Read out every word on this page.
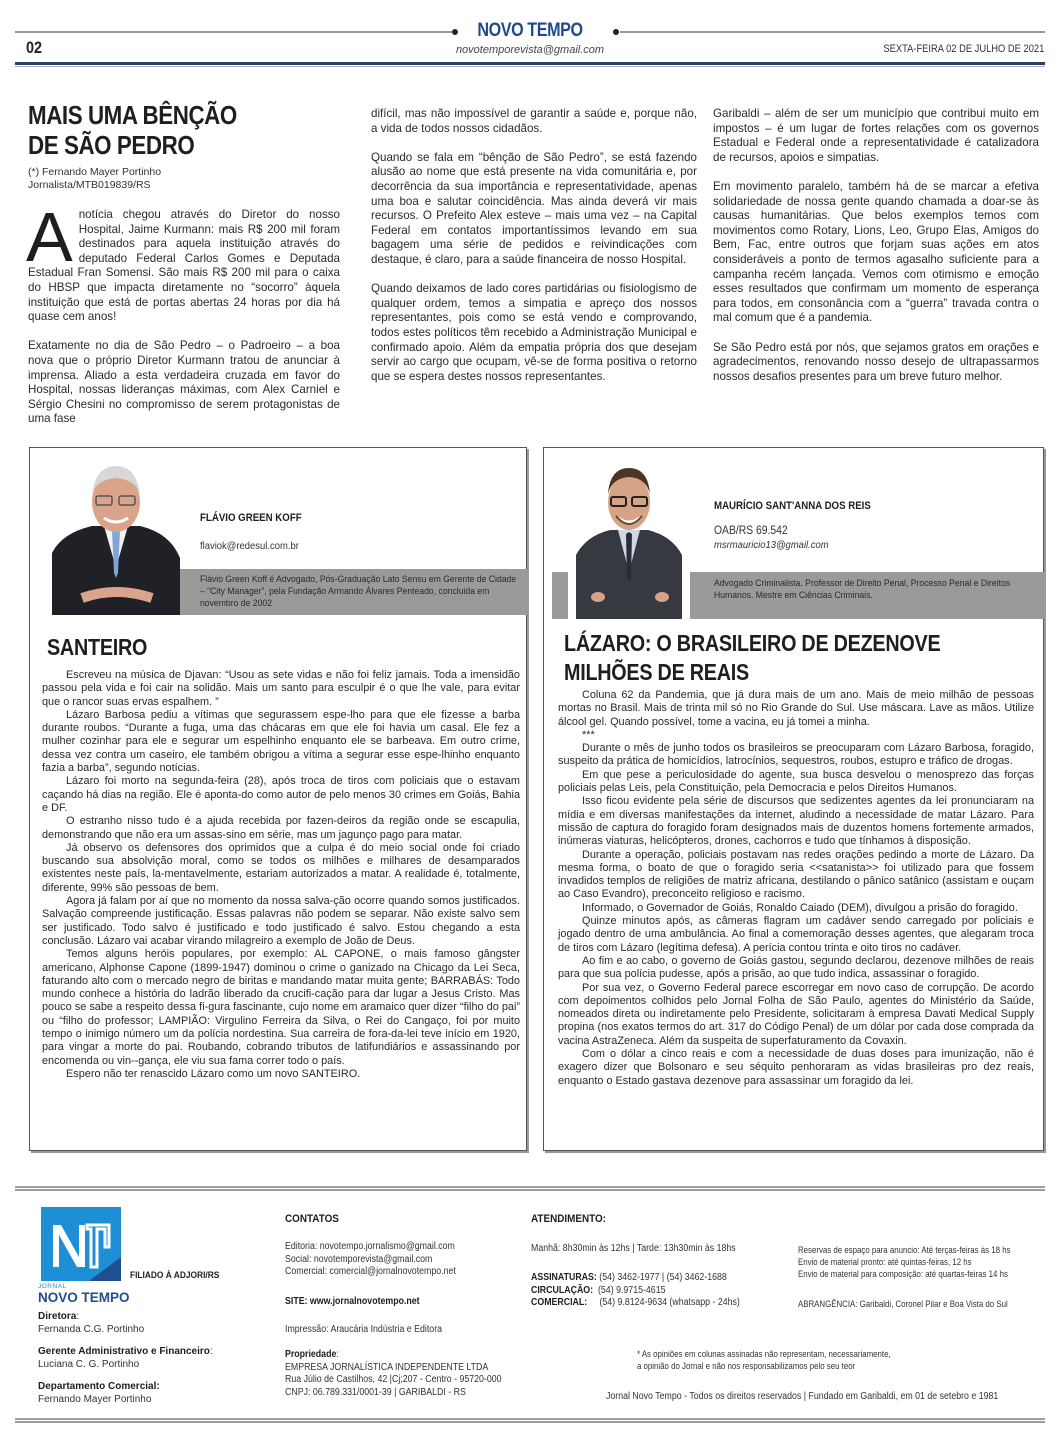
NOVO TEMPO
02	novotemporevista@gmail.com	SEXTA-FEIRA 02 DE JULHO DE 2021
MAIS UMA BÊNÇÃO
DE SÃO PEDRO
(*) Fernando Mayer Portinho
Jornalista/MTB019839/RS

A notícia chegou através do Diretor do nosso Hospital, Jaime Kurmann: mais R$ 200 mil foram destinados para aquela instituição através do deputado Federal Carlos Gomes e Deputada Estadual Fran Somensi. São mais R$ 200 mil para o caixa do HBSP que impacta diretamente no “socorro” àquela instituição que está de portas abertas 24 horas por dia há quase cem anos!

Exatamente no dia de São Pedro – o Padroeiro – a boa nova que o próprio Diretor Kurmann tratou de anunciar à imprensa. Aliado a esta verdadeira cruzada em favor do Hospital, nossas lideranças máximas, com Alex Carniel e Sérgio Chesini no compromisso de serem protagonistas de uma fase

difícil, mas não impossível de garantir a saúde e, porque não, a vida de todos nossos cidadãos.

Quando se fala em “bênção de São Pedro”, se está fazendo alusão ao nome que está presente na vida comunitária e, por decorrência da sua importância e representatividade, apenas uma boa e salutar coincidência. Mas ainda deverá vir mais recursos. O Prefeito Alex esteve – mais uma vez – na Capital Federal em contatos importantíssimos levando em sua bagagem uma série de pedidos e reivindicações com destaque, é claro, para a saúde financeira de nosso Hospital.

Quando deixamos de lado cores partidárias ou fisiologismo de qualquer ordem, temos a simpatia e apreço dos nossos representantes, pois como se está vendo e comprovando, todos estes políticos têm recebido a Administração Municipal e confirmado apoio. Além da empatia própria dos que desejam servir ao cargo que ocupam, vê-se de forma positiva o retorno que se espera destes nossos representantes.

Garibaldi – além de ser um município que contribui muito em impostos – é um lugar de fortes relações com os governos Estadual e Federal onde a representatividade é catalizadora de recursos, apoios e simpatias.

Em movimento paralelo, também há de se marcar a efetiva solidariedade de nossa gente quando chamada a doar-se às causas humanitárias. Que belos exemplos temos com movimentos como Rotary, Lions, Leo, Grupo Elas, Amigos do Bem, Fac, entre outros que forjam suas ações em atos consideráveis a ponto de termos agasalho suficiente para a campanha recém lançada. Vemos com otimismo e emoção esses resultados que confirmam um momento de esperança para todos, em consonância com a “guerra” travada contra o mal comum que é a pandemia.

Se São Pedro está por nós, que sejamos gratos em orações e agradecimentos, renovando nosso desejo de ultrapassarmos nossos desafios presentes para um breve futuro melhor.

FLÁVIO GREEN KOFF
flaviok@redesul.com.br
Flávio Green Koff é Advogado, Pós-Graduação Lato Sensu em Gerente de Cidade – “City Manager”, pela Fundação Armando Álvares Penteado, concluida em novembro de 2002
SANTEIRO

Escreveu na música de Djavan: “Usou as sete vidas e não foi feliz jamais. Toda a imensidão passou pela vida e foi cair na solidão. Mais um santo para esculpir é o que lhe vale, para evitar que o rancor suas ervas espalhem. ”

Lázaro Barbosa pediu a vítimas que segurassem espe-lho para que ele fizesse a barba durante roubos. “Durante a fuga, uma das chácaras em que ele foi havia um casal. Ele fez a mulher cozinhar para ele e segurar um espelhinho enquanto ele se barbeava. Em outro crime, dessa vez contra um caseiro, ele também obrigou a vítima a segurar esse espe-lhinho enquanto fazia a barba”, segundo notícias.

Lázaro foi morto na segunda-feira (28), após troca de tiros com policiais que o estavam caçando há dias na região. Ele é aponta-do como autor de pelo menos 30 crimes em Goiás, Bahia e DF.

O estranho nisso tudo é a ajuda recebida por fazen-deiros da região onde se escapulia, demonstrando que não era um assas-sino em série, mas um jagunço pago para matar.

Já observo os defensores dos oprimidos que a culpa é do meio social onde foi criado buscando sua absolvição moral, como se todos os milhões e milhares de desamparados existentes neste país, la-mentavelmente, estariam autorizados a matar. A realidade é, totalmente, diferente, 99% são pessoas de bem.

Agora já falam por aí que no momento da nossa salva-ção ocorre quando somos justificados. Salvação compreende justificação. Essas palavras não podem se separar. Não existe salvo sem ser justificado. Todo salvo é justificado e todo justificado é salvo. Estou chegando a esta conclusão. Lázaro vai acabar virando milagreiro a exemplo de João de Deus.

Temos alguns heróis populares, por exemplo: AL CAPONE, o mais famoso gângster americano, Alphonse Capone (1899-1947) dominou o crime o ganizado na Chicago da Lei Seca, faturando alto com o mercado negro de biritas e mandando matar muita gente; BARRABÁS: Todo mundo conhece a história do ladrão liberado da crucifi-cação para dar lugar a Jesus Cristo. Mas pouco se sabe a respeito dessa fi-gura fascinante, cujo nome em aramaico quer dizer “filho do pai” ou “filho do professor; LAMPIÃO: Virgulino Ferreira da Silva, o Rei do Cangaço, foi por muito tempo o inimigo número um da polícia nordestina. Sua carreira de fora-da-lei teve início em 1920, para vingar a morte do pai. Roubando, cobrando tributos de latifundiários e assassinando por encomenda ou vin--gança, ele viu sua fama correr todo o país.

Espero não ter renascido Lázaro como um novo SANTEIRO.

MAURÍCIO SANT'ANNA DOS REIS
OAB/RS 69.542
msrmauricio13@gmail.com
Advogado Criminalista. Professor de Direito Penal, Processo Penal e Direitos Humanos. Mestre em Ciências Criminais.
LÁZARO: O BRASILEIRO DE DEZENOVE
MILHÕES DE REAIS

Coluna 62 da Pandemia, que já dura mais de um ano. Mais de meio milhão de pessoas mortas no Brasil. Mais de trinta mil só no Rio Grande do Sul. Use máscara. Lave as mãos. Utilize álcool gel. Quando possível, tome a vacina, eu já tomei a minha.

***

Durante o mês de junho todos os brasileiros se preocuparam com Lázaro Barbosa, foragido, suspeito da prática de homicídios, latrocínios, sequestros, roubos, estupro e tráfico de drogas.

Em que pese a periculosidade do agente, sua busca desvelou o menosprezo das forças policiais pelas Leis, pela Constituição, pela Democracia e pelos Direitos Humanos.

Isso ficou evidente pela série de discursos que sedizentes agentes da lei pronunciaram na mídia e em diversas manifestações da internet, aludindo a necessidade de matar Lázaro. Para missão de captura do foragido foram designados mais de duzentos homens fortemente armados, inúmeras viaturas, helicópteros, drones, cachorros e tudo que tínhamos à disposição.

Durante a operação, policiais postavam nas redes orações pedindo a morte de Lázaro. Da mesma forma, o boato de que o foragido seria <<satanista>> foi utilizado para que fossem invadidos templos de religiões de matriz africana, destilando o pânico satânico (assistam e ouçam ao Caso Evandro), preconceito religioso e racismo.

Informado, o Governador de Goiás, Ronaldo Caiado (DEM), divulgou a prisão do foragido.

Quinze minutos após, as câmeras flagram um cadáver sendo carregado por policiais e jogado dentro de uma ambulância. Ao final a comemoração desses agentes, que alegaram troca de tiros com Lázaro (legítima defesa). A perícia contou trinta e oito tiros no cadáver.

Ao fim e ao cabo, o governo de Goiás gastou, segundo declarou, dezenove milhões de reais para que sua polícia pudesse, após a prisão, ao que tudo indica, assassinar o foragido.

Por sua vez, o Governo Federal parece escorregar em novo caso de corrupção. De acordo com depoimentos colhidos pelo Jornal Folha de São Paulo, agentes do Ministério da Saúde, nomeados direta ou indiretamente pelo Presidente, solicitaram à empresa Davati Medical Supply propina (nos exatos termos do art. 317 do Código Penal) de um dólar por cada dose comprada da vacina AstraZeneca. Além da suspeita de superfaturamento da Covaxin.

Com o dólar a cinco reais e com a necessidade de duas doses para imunização, não é exagero dizer que Bolsonaro e seu séquito penhoraram as vidas brasileiras pro dez reais, enquanto o Estado gastava dezenove para assassinar um foragido da lei.

JORNAL
NOVO TEMPO
FILIADO À ADJORI/RS
Diretora:
Fernanda C.G. Portinho
Gerente Administrativo e Financeiro:
Luciana C. G. Portinho
Departamento Comercial:
Fernando Mayer Portinho
CONTATOS
Editoria: novotempo.jornalismo@gmail.com
Social: novotemporevista@gmail.com
Comercial: comercial@jornalnovotempo.net
SITE: www.jornalnovotempo.net
Impressão: Araucária Indústria e Editora
Propriedade:
EMPRESA JORNALÍSTICA INDEPENDENTE LTDA
Rua Júlio de Castilhos, 42 |Cj;207 - Centro - 95720-000
CNPJ: 06.789.331/0001-39 | GARIBALDI - RS
ATENDIMENTO:
Manhã: 8h30min às 12hs | Tarde: 13h30min às 18hs
ASSINATURAS: (54) 3462-1977 | (54) 3462-1688
CIRCULAÇÃO: (54) 9.9715-4615
COMERCIAL: (54) 9.8124-9634 (whatsapp - 24hs)
Reservas de espaço para anuncio: Até terças-feiras às 18 hs
Envio de material pronto: até quintas-feiras, 12 hs
Envio de material para composição: até quartas-feiras 14 hs
ABRANGÊNCIA: Garibaldi, Coronel Pilar e Boa Vista do Sul
* As opiniões em colunas assinadas não representam, necessariamente,
a opinião do Jornal e não nos responsabilizamos pelo seu teor
Jornal Novo Tempo - Todos os direitos reservados | Fundado em Garibaldi, em 01 de setebro e 1981
